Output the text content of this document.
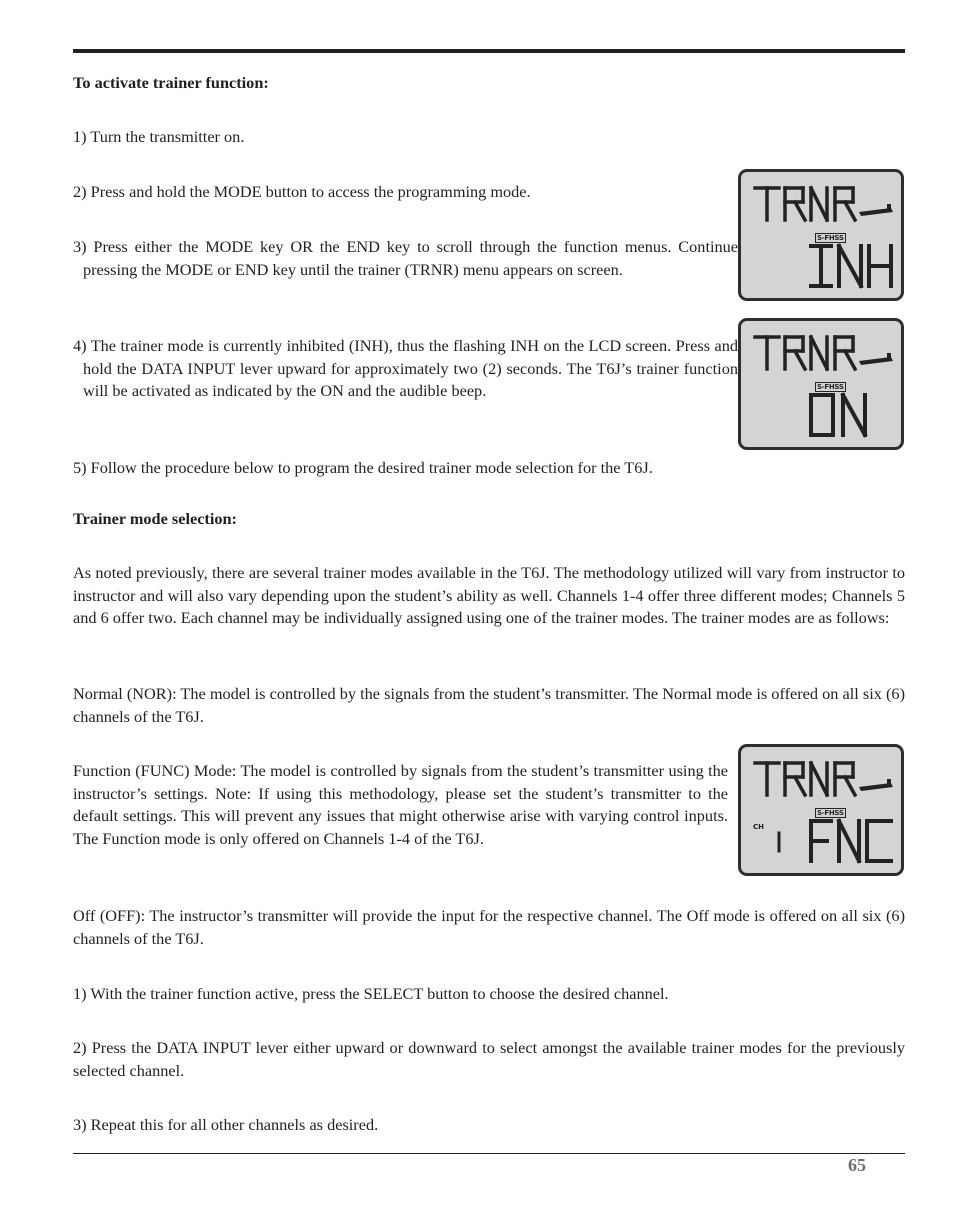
To activate trainer function:

1) Turn the transmitter on.

2) Press and hold the MODE button to access the programming mode.

3) Press either the MODE key OR the END key to scroll through the function menus. Continue pressing the MODE or END key until the trainer (TRNR) menu appears on screen.

4) The trainer mode is currently inhibited (INH), thus the flashing INH on the LCD screen. Press and hold the DATA INPUT lever upward for approximately two (2) seconds. The T6J’s trainer function will be activated as indicated by the ON and the audible beep.

5) Follow the procedure below to program the desired trainer mode selection for the T6J.

Trainer mode selection:

As noted previously, there are several trainer modes available in the T6J. The methodology utilized will vary from instructor to instructor and will also vary depending upon the student’s ability as well. Channels 1-4 offer three different modes; Channels 5 and 6 offer two. Each channel may be individually assigned using one of the trainer modes. The trainer modes are as follows:

Normal (NOR): The model is controlled by the signals from the student’s transmitter. The Normal mode is offered on all six (6) channels of the T6J.

Function (FUNC) Mode: The model is controlled by signals from the student’s transmitter using the instructor’s settings. Note: If using this methodology, please set the student’s transmitter to the default settings. This will prevent any issues that might otherwise arise with varying control inputs. The Function mode is only offered on Channels 1-4 of the T6J.

Off (OFF): The instructor’s transmitter will provide the input for the respective channel. The Off mode is offered on all six (6) channels of the T6J.

1) With the trainer function active, press the SELECT button to choose the desired channel.

2) Press the DATA INPUT lever either upward or downward to select amongst the available trainer modes for the previously selected channel.

3) Repeat this for all other channels as desired.

S-FHSS
S-FHSS
S-FHSS
CH
65
